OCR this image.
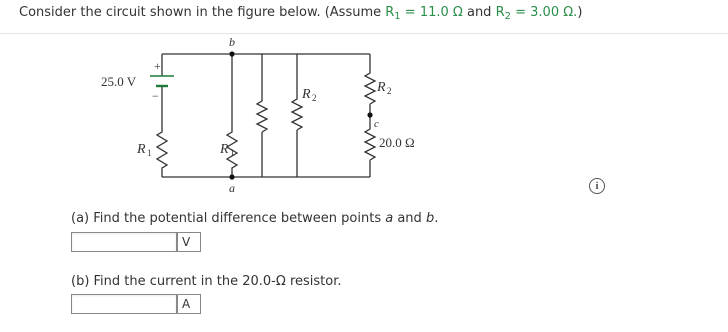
Consider the circuit shown in the figure below. (Assume $R_1 = 11.0$ Ω and $R_2 = 3.00$ Ω.)
+
−
25.0 V
b
a
c
R 1	R 1
R 2
R 2
20.0 Ω
i
(a) Find the potential difference between points a and b.
V
(b) Find the current in the 20.0-Ω resistor.
A
